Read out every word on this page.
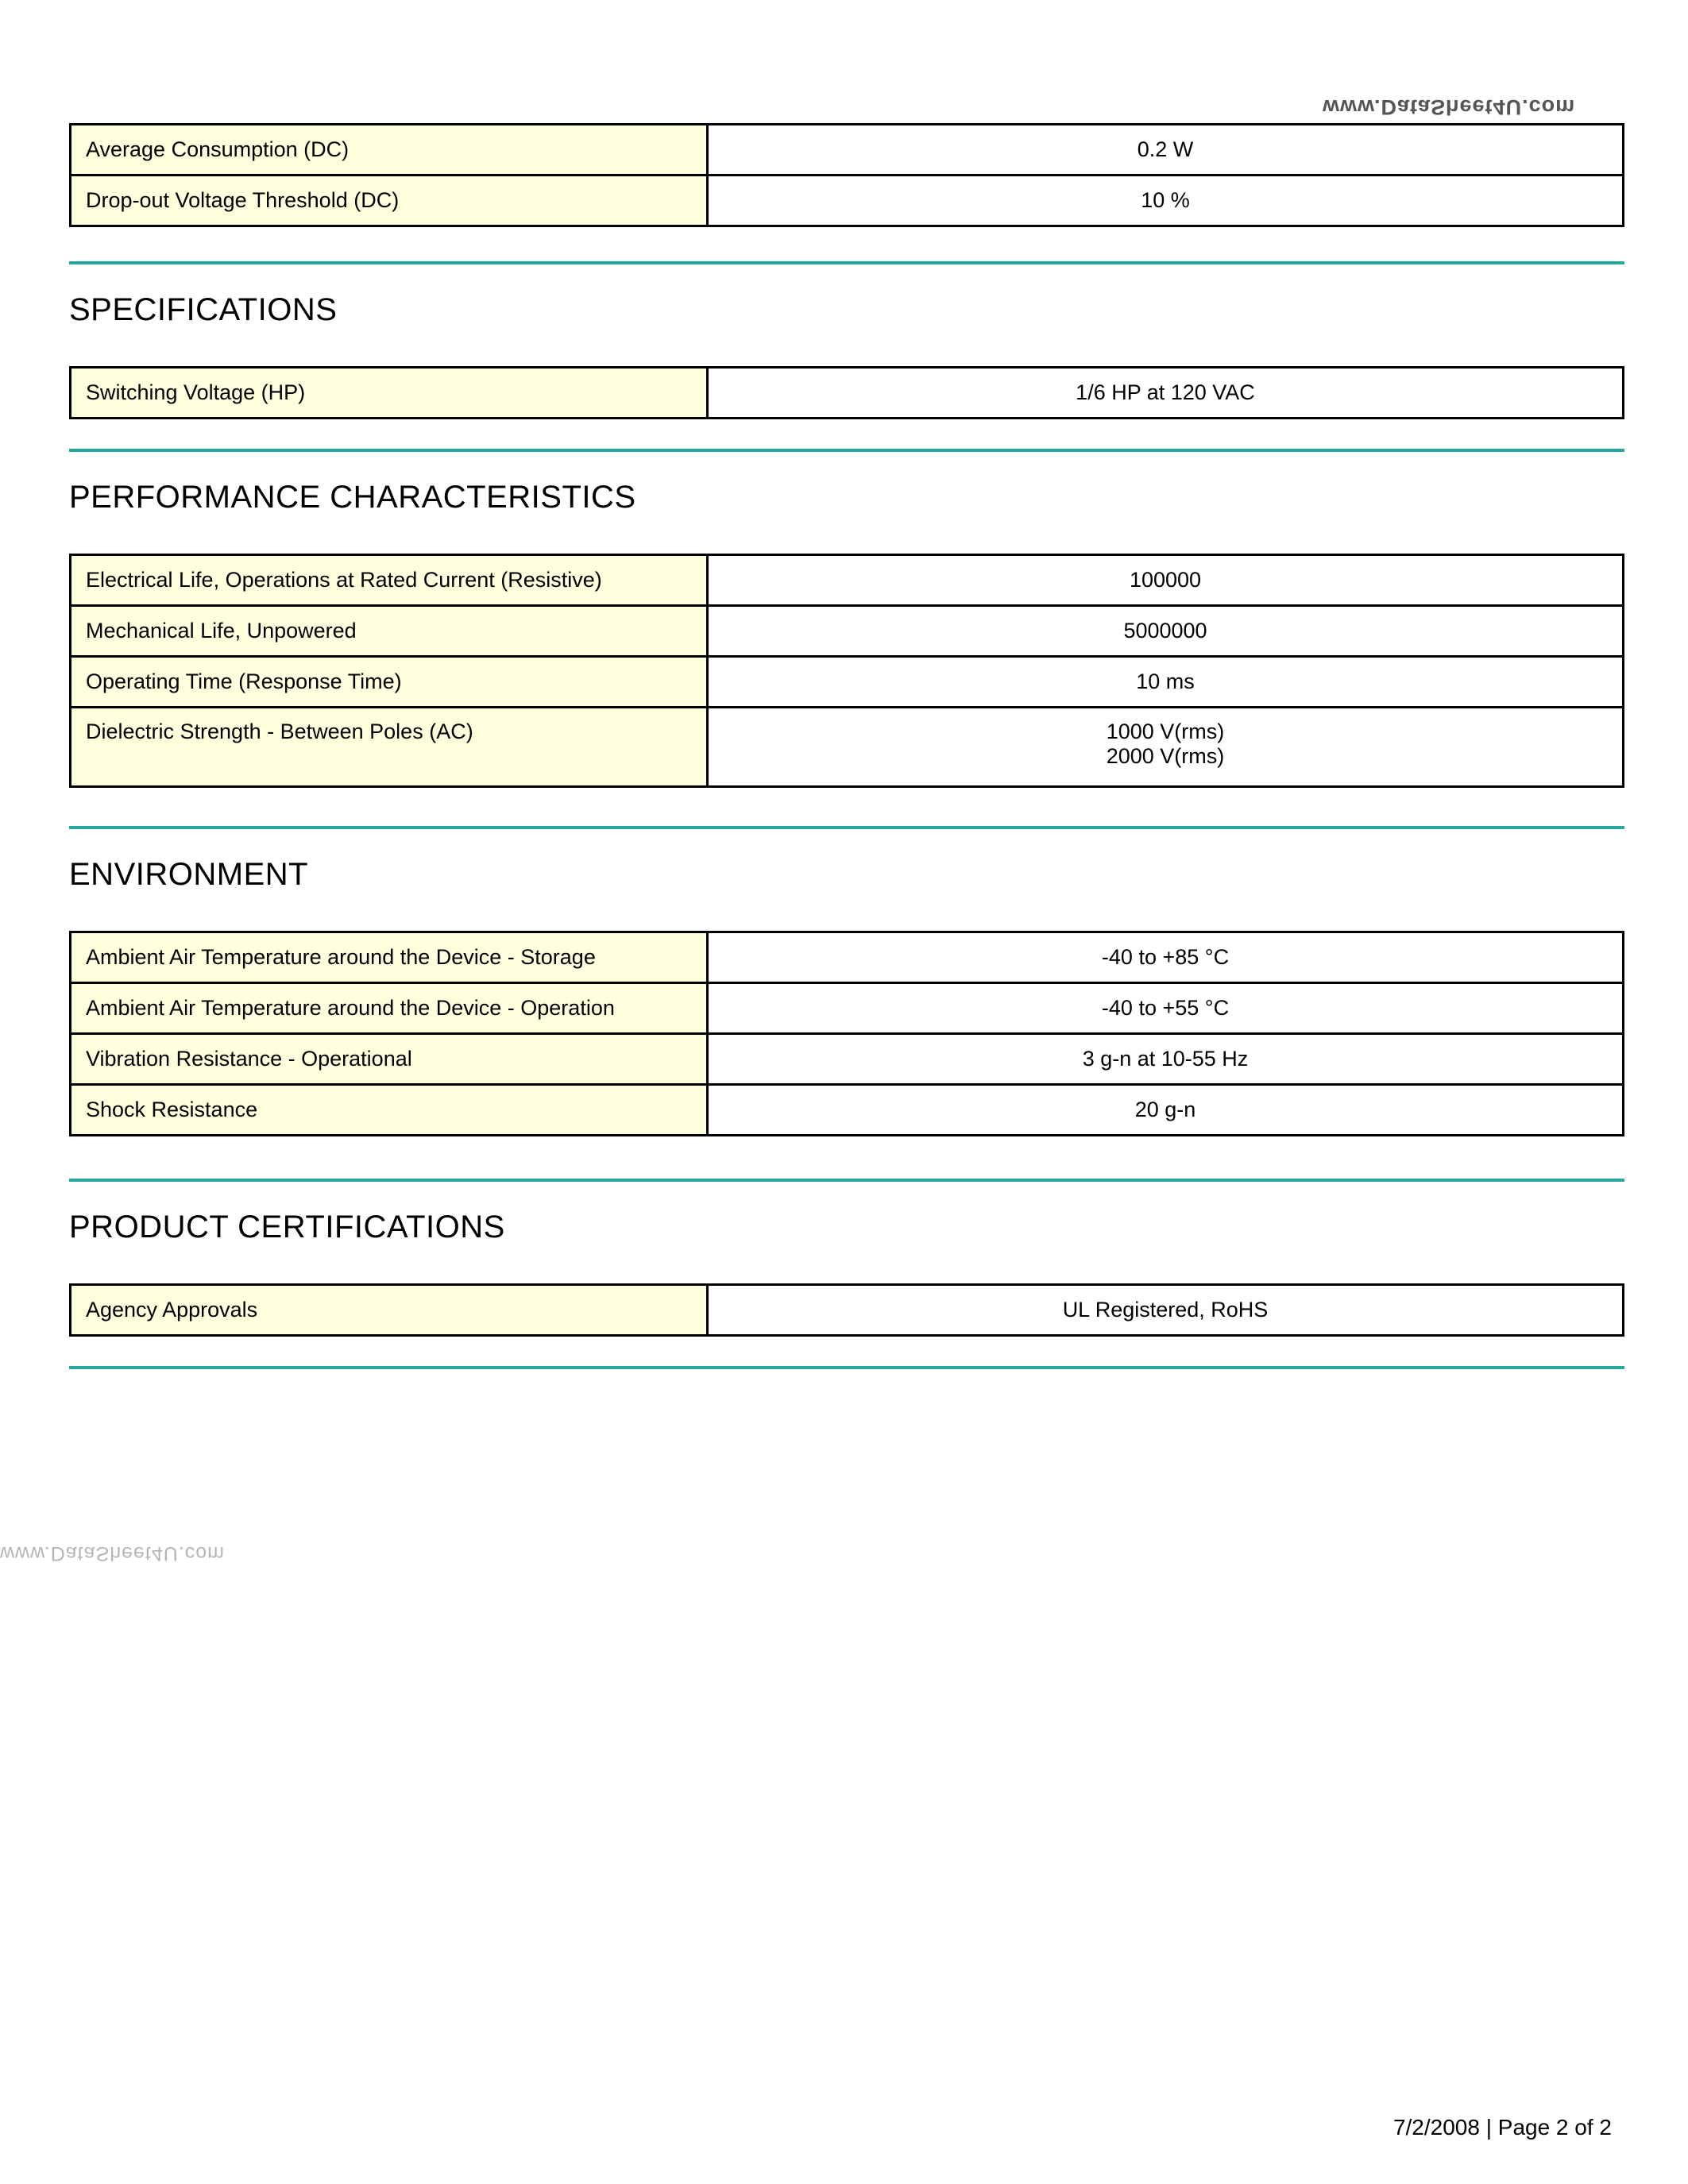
www.DataSheet4U.com
www.DataSheet4U.com
Average Consumption (DC)	0.2 W
Drop-out Voltage Threshold (DC)	10 %
SPECIFICATIONS
Switching Voltage (HP)	1/6 HP at 120 VAC
PERFORMANCE CHARACTERISTICS
Electrical Life, Operations at Rated Current (Resistive)	100000
Mechanical Life, Unpowered	5000000
Operating Time (Response Time)	10 ms
Dielectric Strength - Between Poles (AC)	1000 V(rms)
2000 V(rms)
ENVIRONMENT
Ambient Air Temperature around the Device - Storage	-40 to +85 °C
Ambient Air Temperature around the Device - Operation	-40 to +55 °C
Vibration Resistance - Operational	3 g-n at 10-55 Hz
Shock Resistance	20 g-n
PRODUCT CERTIFICATIONS
Agency Approvals	UL Registered, RoHS
7/2/2008 | Page 2 of 2
